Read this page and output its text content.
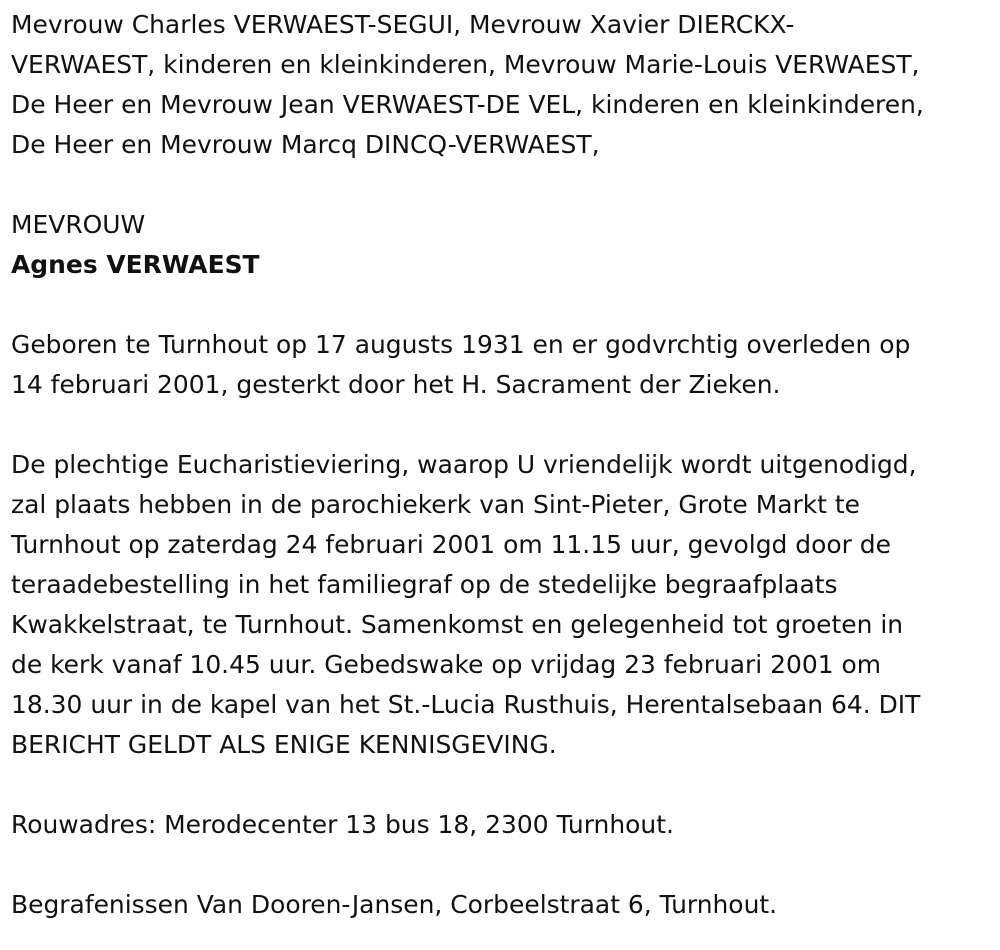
Mevrouw Charles VERWAEST-SEGUI, Mevrouw Xavier DIERCKX-
VERWAEST, kinderen en kleinkinderen, Mevrouw Marie-Louis VERWAEST,
De Heer en Mevrouw Jean VERWAEST-DE VEL, kinderen en kleinkinderen,
De Heer en Mevrouw Marcq DINCQ-VERWAEST,

MEVROUW
Agnes VERWAEST

Geboren te Turnhout op 17 augusts 1931 en er godvrchtig overleden op
14 februari 2001, gesterkt door het H. Sacrament der Zieken.

De plechtige Eucharistieviering, waarop U vriendelijk wordt uitgenodigd,
zal plaats hebben in de parochiekerk van Sint-Pieter, Grote Markt te
Turnhout op zaterdag 24 februari 2001 om 11.15 uur, gevolgd door de
teraadebestelling in het familiegraf op de stedelijke begraafplaats
Kwakkelstraat, te Turnhout. Samenkomst en gelegenheid tot groeten in
de kerk vanaf 10.45 uur. Gebedswake op vrijdag 23 februari 2001 om
18.30 uur in de kapel van het St.-Lucia Rusthuis, Herentalsebaan 64. DIT
BERICHT GELDT ALS ENIGE KENNISGEVING.

Rouwadres: Merodecenter 13 bus 18, 2300 Turnhout.

Begrafenissen Van Dooren-Jansen, Corbeelstraat 6, Turnhout.
